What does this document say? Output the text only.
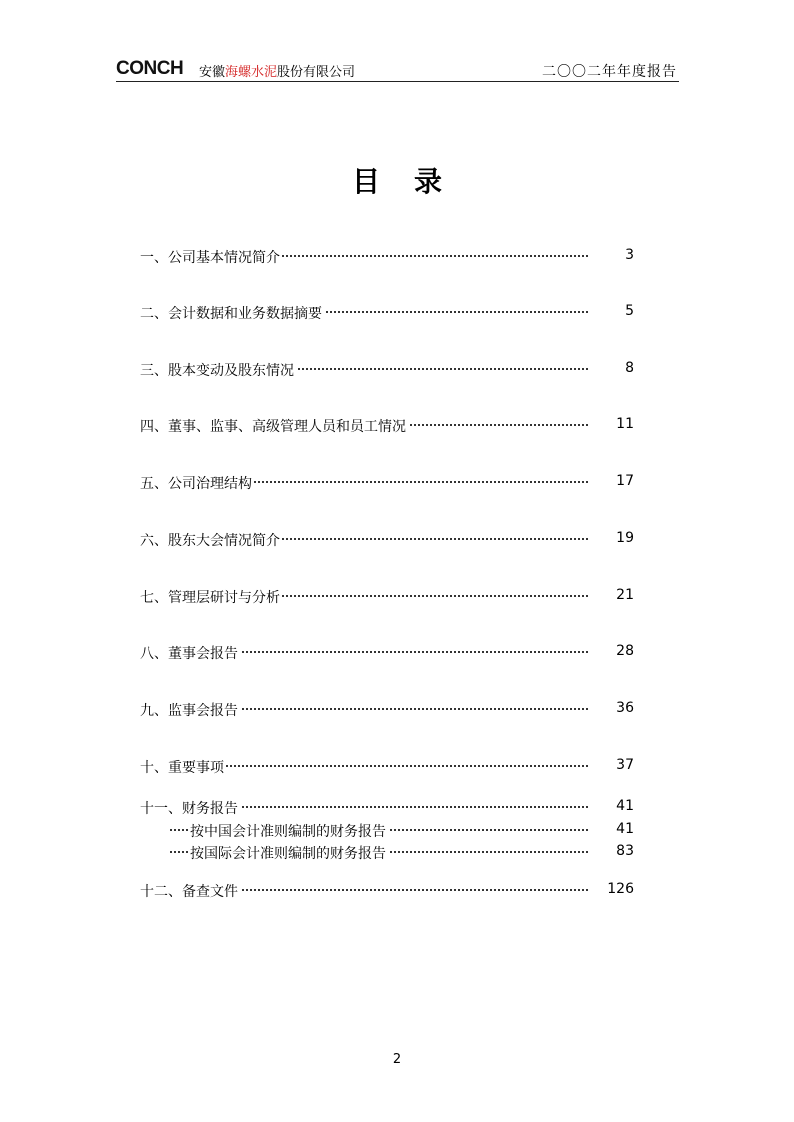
CONCH 安徽海螺水泥股份有限公司	二〇〇二年年度报告
目录
一、公司基本情况简介	3
二、会计数据和业务数据摘要	5
三、股本变动及股东情况	8
四、董事、监事、高级管理人员和员工情况	11
五、公司治理结构	17
六、股东大会情况简介	19
七、管理层研讨与分析	21
八、董事会报告	28
九、监事会报告	36
十、重要事项	37
十一、财务报告	41
按中国会计准则编制的财务报告	41
按国际会计准则编制的财务报告	83
十二、备查文件	126
2
